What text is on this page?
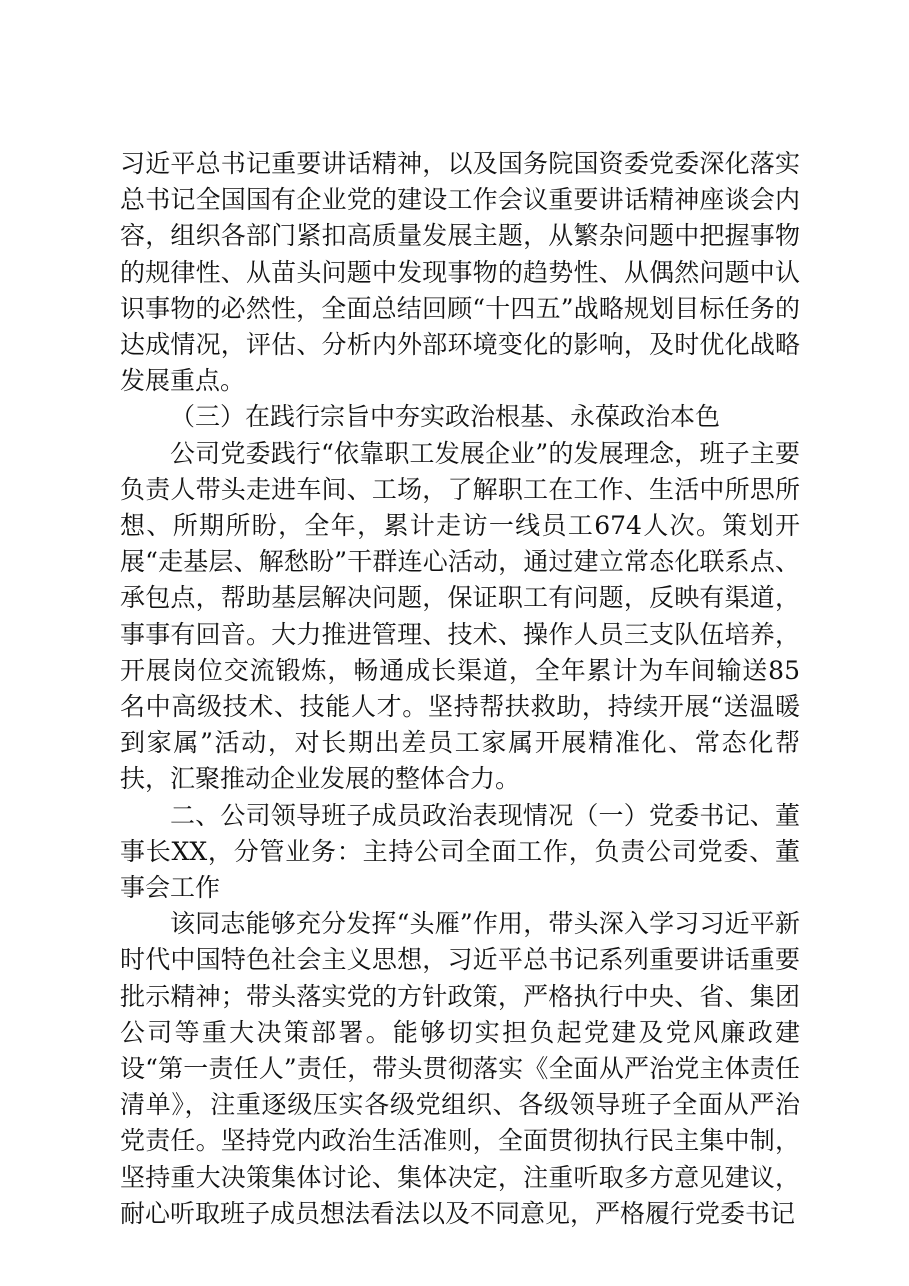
习近平总书记重要讲话精神，以及国务院国资委党委深化落实总书记全国国有企业党的建设工作会议重要讲话精神座谈会内容，组织各部门紧扣高质量发展主题，从繁杂问题中把握事物的规律性、从苗头问题中发现事物的趋势性、从偶然问题中认识事物的必然性，全面总结回顾“十四五”战略规划目标任务的达成情况，评估、分析内外部环境变化的影响，及时优化战略发展重点。

（三）在践行宗旨中夯实政治根基、永葆政治本色

公司党委践行“依靠职工发展企业”的发展理念，班子主要负责人带头走进车间、工场，了解职工在工作、生活中所思所想、所期所盼，全年，累计走访一线员工674人次。策划开展“走基层、解愁盼”干群连心活动，通过建立常态化联系点、承包点，帮助基层解决问题，保证职工有问题，反映有渠道，事事有回音。大力推进管理、技术、操作人员三支队伍培养，开展岗位交流锻炼，畅通成长渠道，全年累计为车间输送85名中高级技术、技能人才。坚持帮扶救助，持续开展“送温暖到家属”活动，对长期出差员工家属开展精准化、常态化帮扶，汇聚推动企业发展的整体合力。

二、公司领导班子成员政治表现情况（一）党委书记、董事长XX，分管业务：主持公司全面工作，负责公司党委、董事会工作

该同志能够充分发挥“头雁”作用，带头深入学习习近平新时代中国特色社会主义思想，习近平总书记系列重要讲话重要批示精神；带头落实党的方针政策，严格执行中央、省、集团公司等重大决策部署。能够切实担负起党建及党风廉政建设“第一责任人”责任，带头贯彻落实《全面从严治党主体责任清单》，注重逐级压实各级党组织、各级领导班子全面从严治党责任。坚持党内政治生活准则，全面贯彻执行民主集中制，坚持重大决策集体讨论、集体决定，注重听取多方意见建议，耐心听取班子成员想法看法以及不同意见，严格履行党委书记
